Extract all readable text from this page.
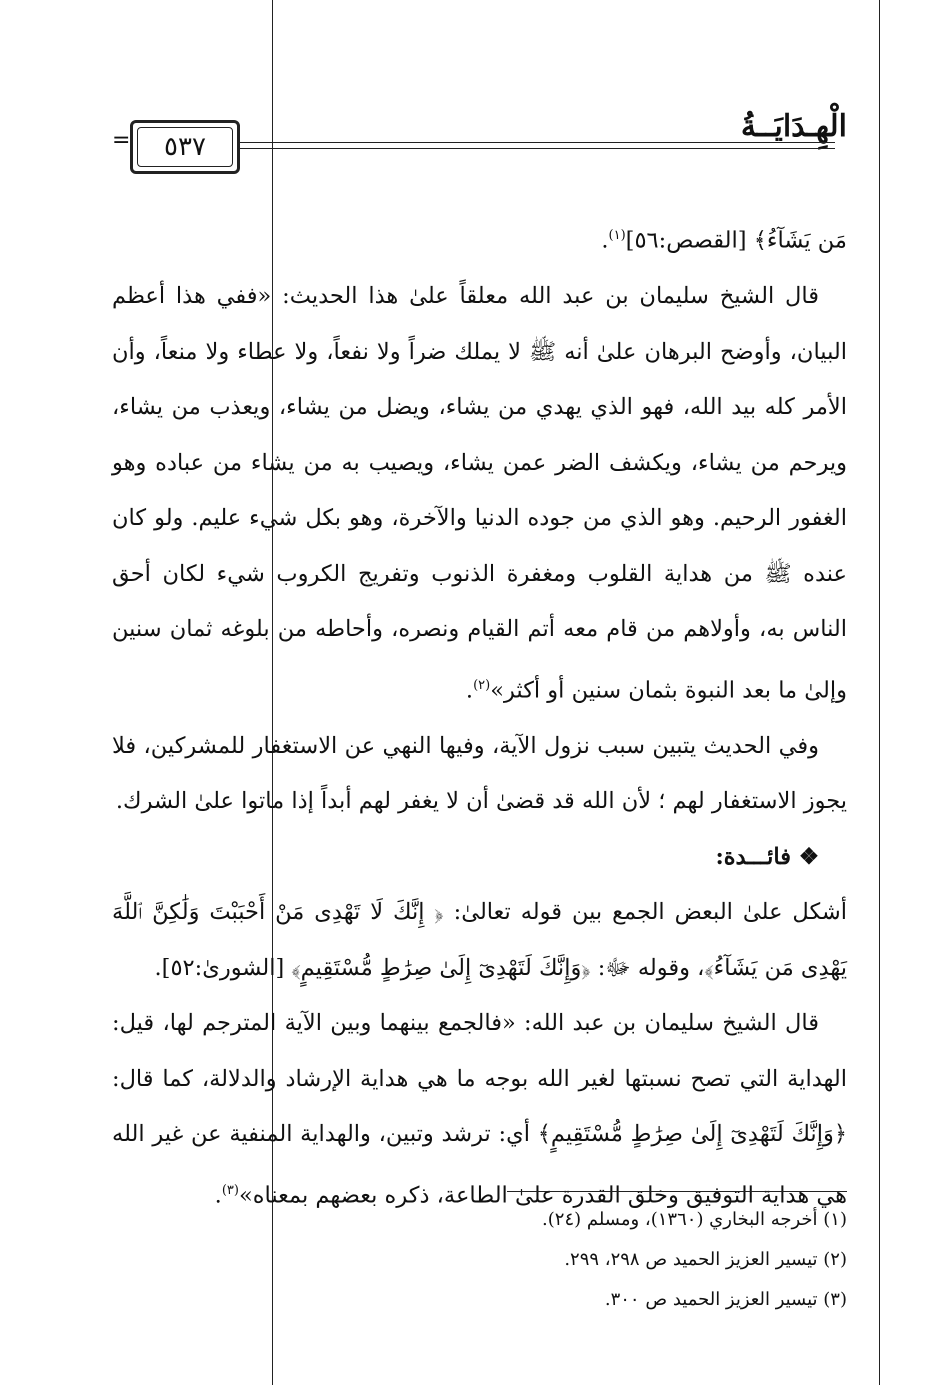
الْهِـدَايَــةُ
=	٥٣٧

مَن يَشَآءُ﴾ [القصص:٥٦]$^{(١)}$.

قال الشيخ سليمان بن عبد الله معلقاً علىٰ هذا الحديث: «ففي هذا أعظم البيان، وأوضح البرهان علىٰ أنه ﷺ لا يملك ضراً ولا نفعاً، ولا عطاء ولا منعاً، وأن الأمر كله بيد الله، فهو الذي يهدي من يشاء، ويضل من يشاء، ويعذب من يشاء، ويرحم من يشاء، ويكشف الضر عمن يشاء، ويصيب به من يشاء من عباده وهو الغفور الرحيم. وهو الذي من جوده الدنيا والآخرة، وهو بكل شيء عليم. ولو كان عنده ﷺ من هداية القلوب ومغفرة الذنوب وتفريج الكروب شيء لكان أحق الناس به، وأولاهم من قام معه أتم القيام ونصره، وأحاطه من بلوغه ثمان سنين وإلىٰ ما بعد النبوة بثمان سنين أو أكثر»$^{(٢)}$.

وفي الحديث يتبين سبب نزول الآية، وفيها النهي عن الاستغفار للمشركين، فلا يجوز الاستغفار لهم ؛ لأن الله قد قضىٰ أن لا يغفر لهم أبداً إذا ماتوا علىٰ الشرك.

❖ فائـــدة:

أشكل علىٰ البعض الجمع بين قوله تعالىٰ: ﴿ إِنَّكَ لَا تَهْدِى مَنْ أَحْبَبْتَ وَلَٰكِنَّ ٱللَّهَ يَهْدِى مَن يَشَآءُ﴾، وقوله ﷻ: ﴿وَإِنَّكَ لَتَهْدِىٓ إِلَىٰ صِرَٰطٍ مُّسْتَقِيمٍ﴾ [الشورىٰ:٥٢].

قال الشيخ سليمان بن عبد الله: «فالجمع بينهما وبين الآية المترجم لها، قيل: الهداية التي تصح نسبتها لغير الله بوجه ما هي هداية الإرشاد والدلالة، كما قال: ﴿وَإِنَّكَ لَتَهْدِىٓ إِلَىٰ صِرَٰطٍ مُّسْتَقِيمٍ﴾ أي: ترشد وتبين، والهداية المنفية عن غير الله هي هداية التوفيق وخلق القدرة علىٰ الطاعة، ذكره بعضهم بمعناه»$^{(٣)}$.

(١) أخرجه البخاري (١٣٦٠)، ومسلم (٢٤).
(٢) تيسير العزيز الحميد ص ٢٩٨، ٢٩٩.
(٣) تيسير العزيز الحميد ص ٣٠٠.
